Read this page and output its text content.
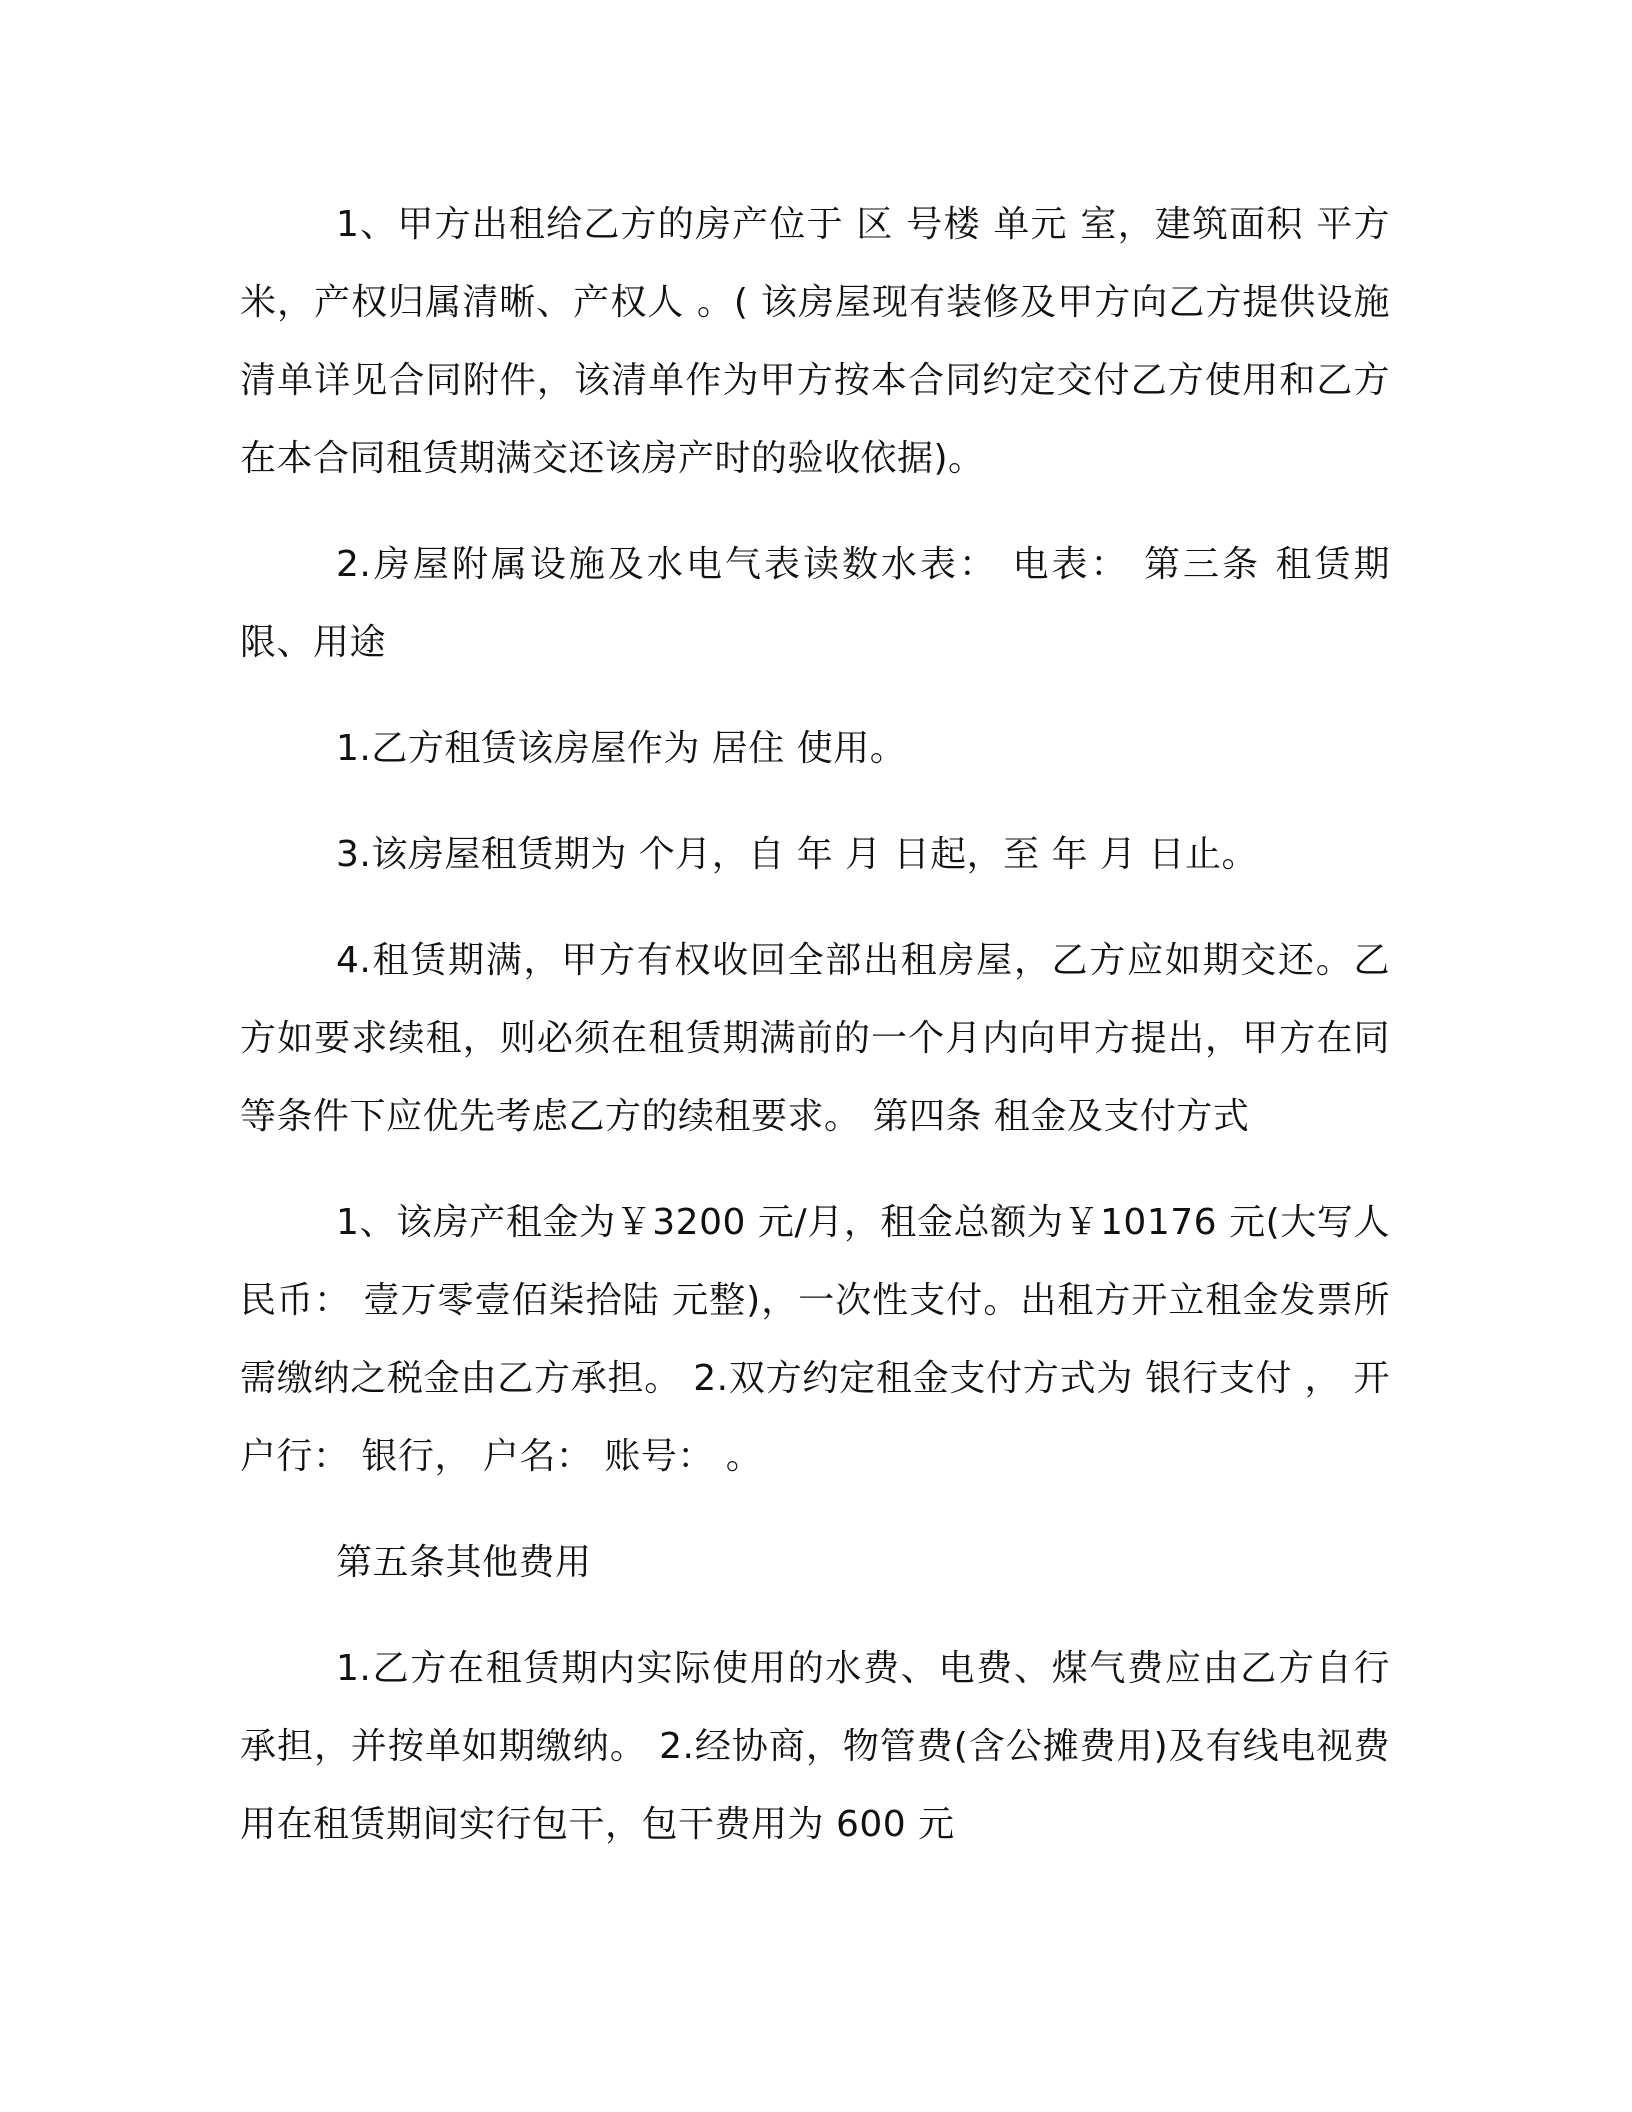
1、甲方出租给乙方的房产位于 区 号楼 单元 室，建筑面积 平方米，产权归属清晰、产权人 。( 该房屋现有装修及甲方向乙方提供设施清单详见合同附件，该清单作为甲方按本合同约定交付乙方使用和乙方在本合同租赁期满交还该房产时的验收依据)。

2.房屋附属设施及水电气表读数水表： 电表： 第三条 租赁期限、用途

1.乙方租赁该房屋作为 居住 使用。

3.该房屋租赁期为 个月，自 年 月 日起，至 年 月 日止。

4.租赁期满，甲方有权收回全部出租房屋，乙方应如期交还。乙方如要求续租，则必须在租赁期满前的一个月内向甲方提出，甲方在同等条件下应优先考虑乙方的续租要求。 第四条 租金及支付方式

1、该房产租金为￥3200 元/月，租金总额为￥10176 元(大写人民币： 壹万零壹佰柒拾陆 元整)，一次性支付。出租方开立租金发票所需缴纳之税金由乙方承担。 2.双方约定租金支付方式为 银行支付 ， 开户行： 银行， 户名： 账号： 。

第五条其他费用

1.乙方在租赁期内实际使用的水费、电费、煤气费应由乙方自行承担，并按单如期缴纳。 2.经协商，物管费(含公摊费用)及有线电视费用在租赁期间实行包干，包干费用为 600 元
